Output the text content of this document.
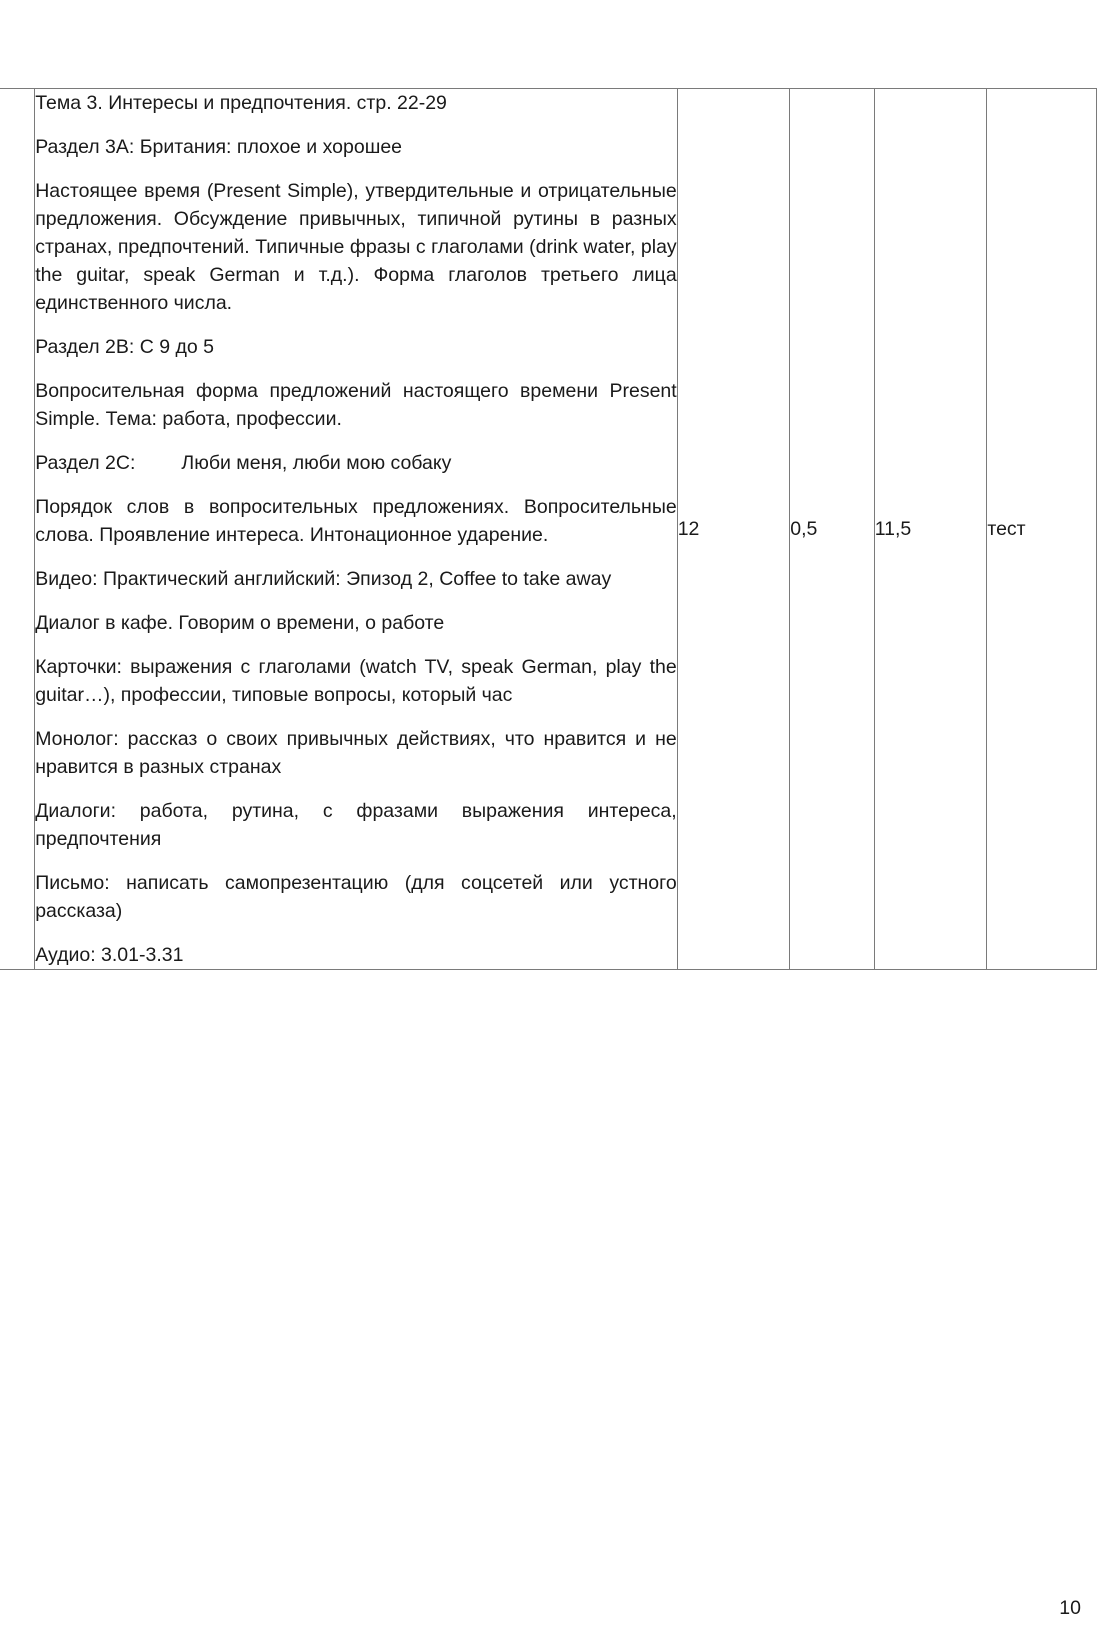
Тема 3. Интересы и предпочтения. стр. 22-29

Раздел 3А: Британия: плохое и хорошее

Настоящее время (Present Simple), утвердительные и отрицательные предложения. Обсуждение привычных, типичной рутины в разных странах, предпочтений. Типичные фразы с глаголами (drink water, play the guitar, speak German и т.д.). Форма глаголов третьего лица единственного числа.

Раздел 2В: С 9 до 5

Вопросительная форма предложений настоящего времени Present Simple. Тема: работа, профессии.

Раздел 2С: Люби меня, люби мою собаку

Порядок слов в вопросительных предложениях. Вопросительные слова. Проявление интереса. Интонационное ударение.

Видео: Практический английский: Эпизод 2, Coffee to take away

Диалог в кафе. Говорим о времени, о работе

Карточки: выражения с глаголами (watch TV, speak German, play the guitar…), профессии, типовые вопросы, который час

Монолог: рассказ о своих привычных действиях, что нравится и не нравится в разных странах

Диалоги: работа, рутина, с фразами выражения интереса, предпочтения

Письмо: написать самопрезентацию (для соцсетей или устного рассказа)

Аудио: 3.01-3.31

	12	0,5	11,5	тест
10
